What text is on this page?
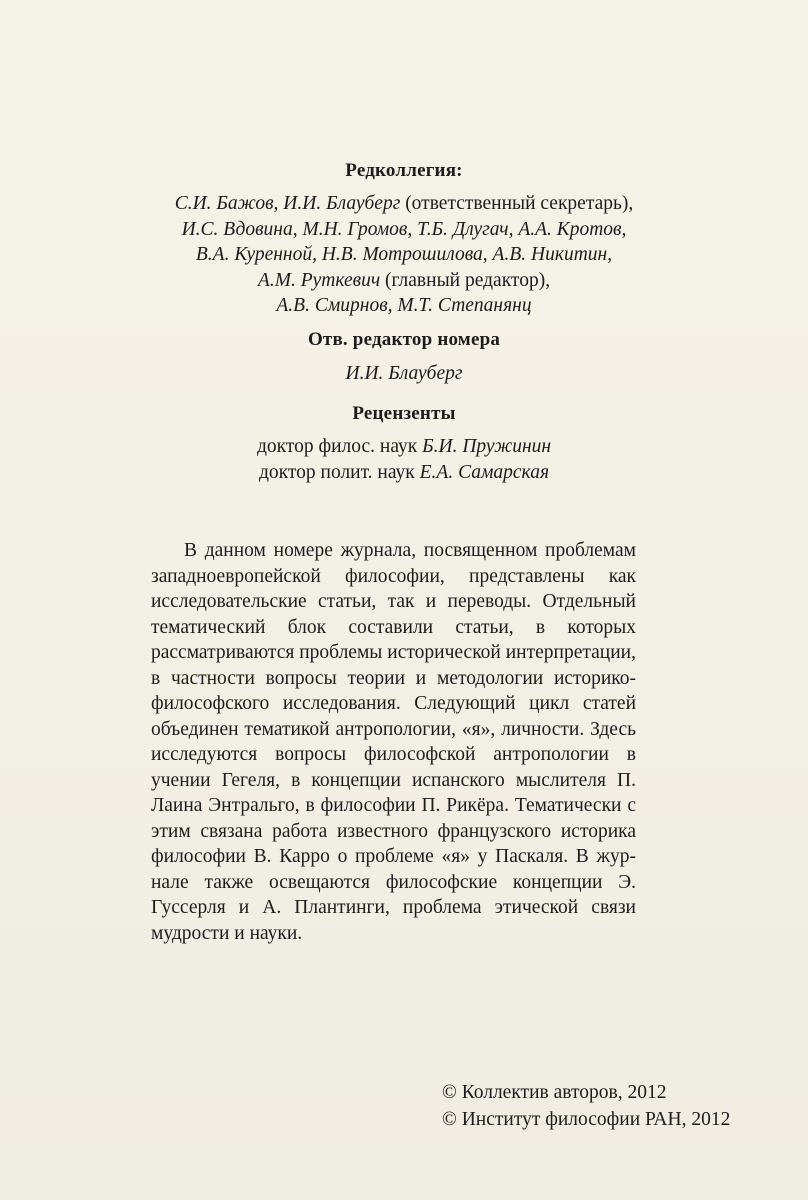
Редколлегия:
С.И. Бажов, И.И. Блауберг (ответственный секретарь),
И.С. Вдовина, М.Н. Громов, Т.Б. Длугач, А.А. Кротов,
В.А. Куренной, Н.В. Мотрошилова, А.В. Никитин,
А.М. Руткевич (главный редактор),
А.В. Смирнов, М.Т. Степанянц
Отв. редактор номера
И.И. Блауберг
Рецензенты
доктор филос. наук Б.И. Пружинин
доктор полит. наук Е.А. Самарская

В данном номере журнала, посвященном проблемам западноевропейской философии, представлены как исследовательские статьи, так и переводы. Отдельный тематический блок составили статьи, в которых рассматриваются проблемы исторической интерпретации, в частности вопросы теории и методологии историко-философского исследования. Следующий цикл статей объединен тематикой антропологии, «я», личности. Здесь исследуются вопросы философской антропологии в учении Гегеля, в концепции испанского мыслителя П. Лаина Энтральго, в философии П. Рикёра. Тематически с этим связана работа известного французского историка философии В. Карро о проблеме «я» у Паскаля. В журнале также освещаются философские концепции Э. Гуссерля и А. Плантинги, проблема этической связи мудрости и науки.

© Коллектив авторов, 2012
© Институт философии РАН, 2012
